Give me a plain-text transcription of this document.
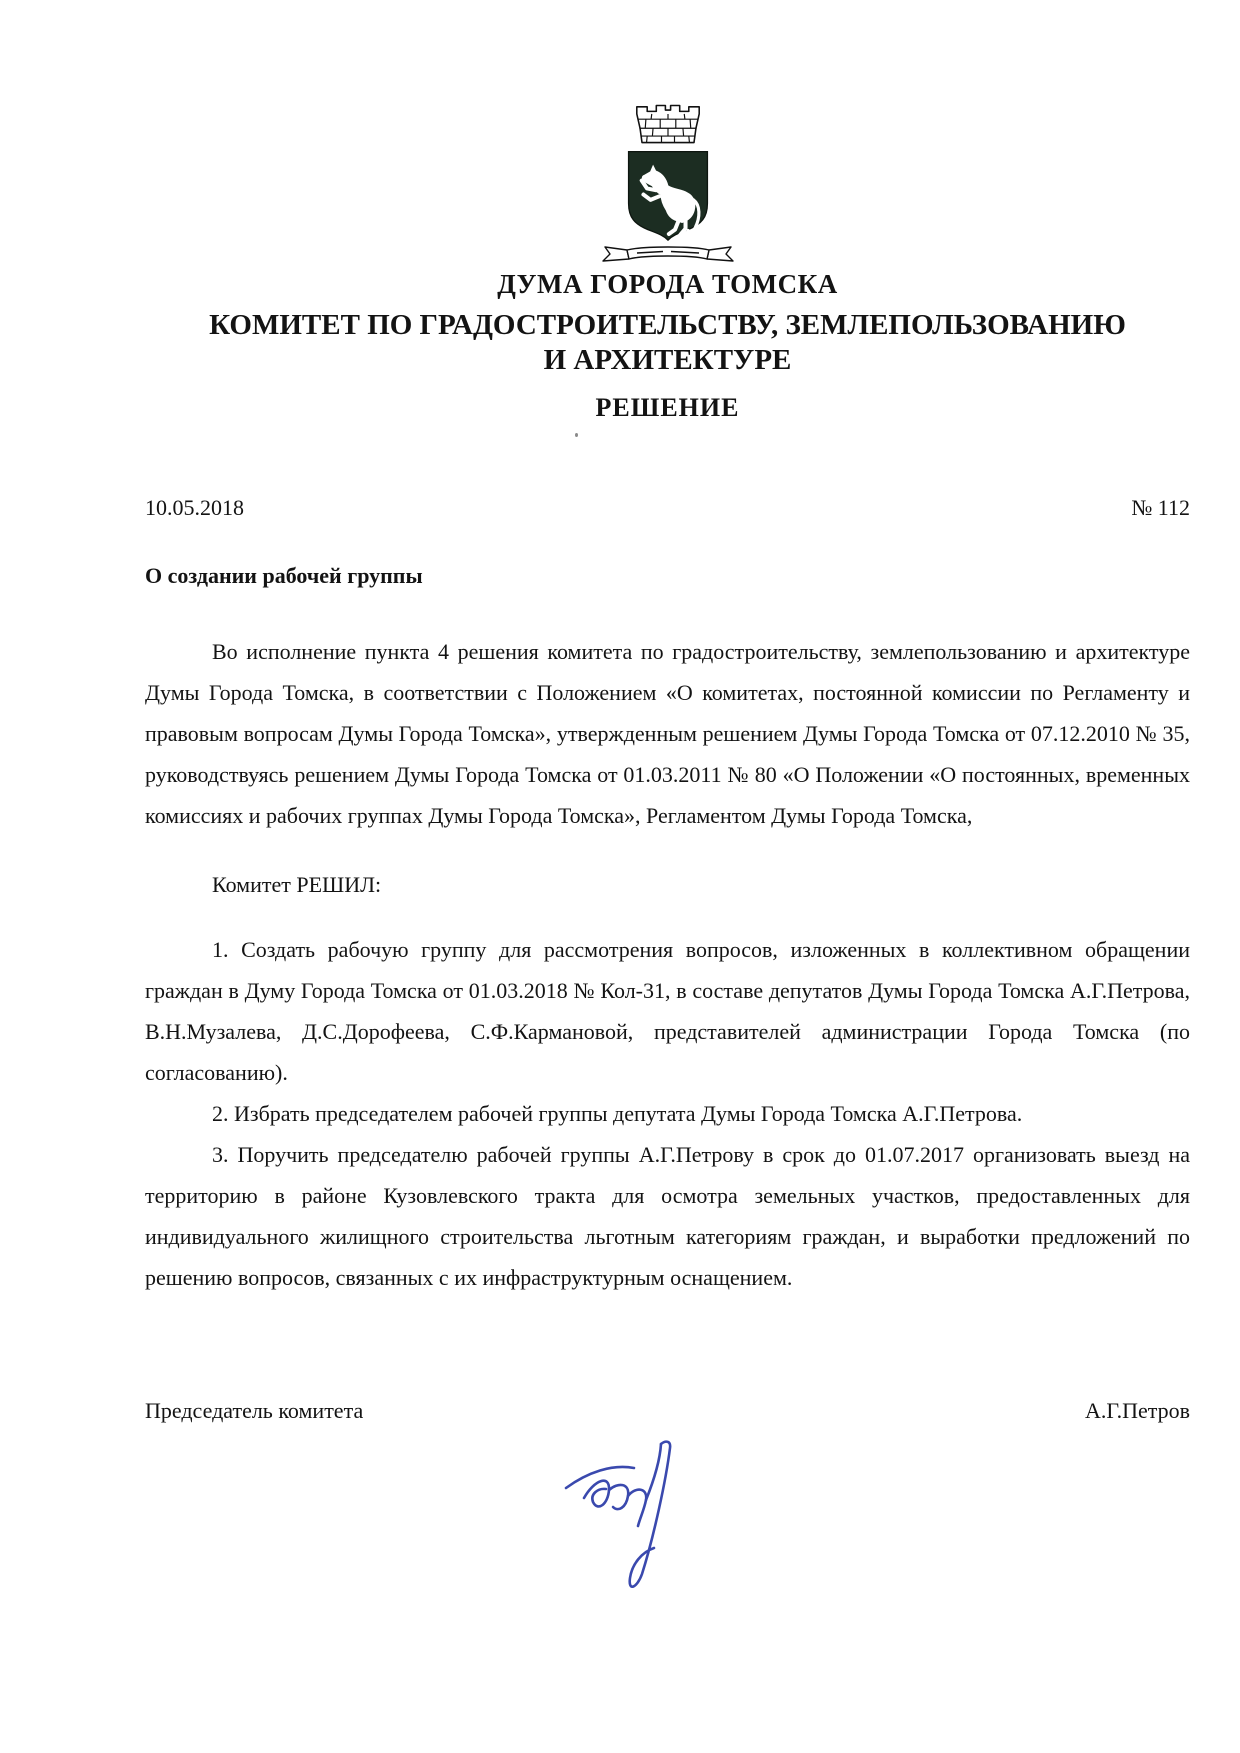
ДУМА ГОРОДА ТОМСКА
КОМИТЕТ ПО ГРАДОСТРОИТЕЛЬСТВУ, ЗЕМЛЕПОЛЬЗОВАНИЮ И АРХИТЕКТУРЕ
РЕШЕНИЕ
10.05.2018	№ 112
О создании рабочей группы

Во исполнение пункта 4 решения комитета по градостроительству, землепользованию и архитектуре Думы Города Томска, в соответствии с Положением «О комитетах, постоянной комиссии по Регламенту и правовым вопросам Думы Города Томска», утвержденным решением Думы Города Томска от 07.12.2010 № 35, руководствуясь решением Думы Города Томска от 01.03.2011 № 80 «О Положении «О постоянных, временных комиссиях и рабочих группах Думы Города Томска», Регламентом Думы Города Томска,

Комитет РЕШИЛ:

1. Создать рабочую группу для рассмотрения вопросов, изложенных в коллективном обращении граждан в Думу Города Томска от 01.03.2018 № Кол-31, в составе депутатов Думы Города Томска А.Г.Петрова, В.Н.Музалева, Д.С.Дорофеева, С.Ф.Кармановой, представителей администрации Города Томска (по согласованию).

2. Избрать председателем рабочей группы депутата Думы Города Томска А.Г.Петрова.

3. Поручить председателю рабочей группы А.Г.Петрову в срок до 01.07.2017 организовать выезд на территорию в районе Кузовлевского тракта для осмотра земельных участков, предоставленных для индивидуального жилищного строительства льготным категориям граждан, и выработки предложений по решению вопросов, связанных с их инфраструктурным оснащением.

Председатель комитета	А.Г.Петров
